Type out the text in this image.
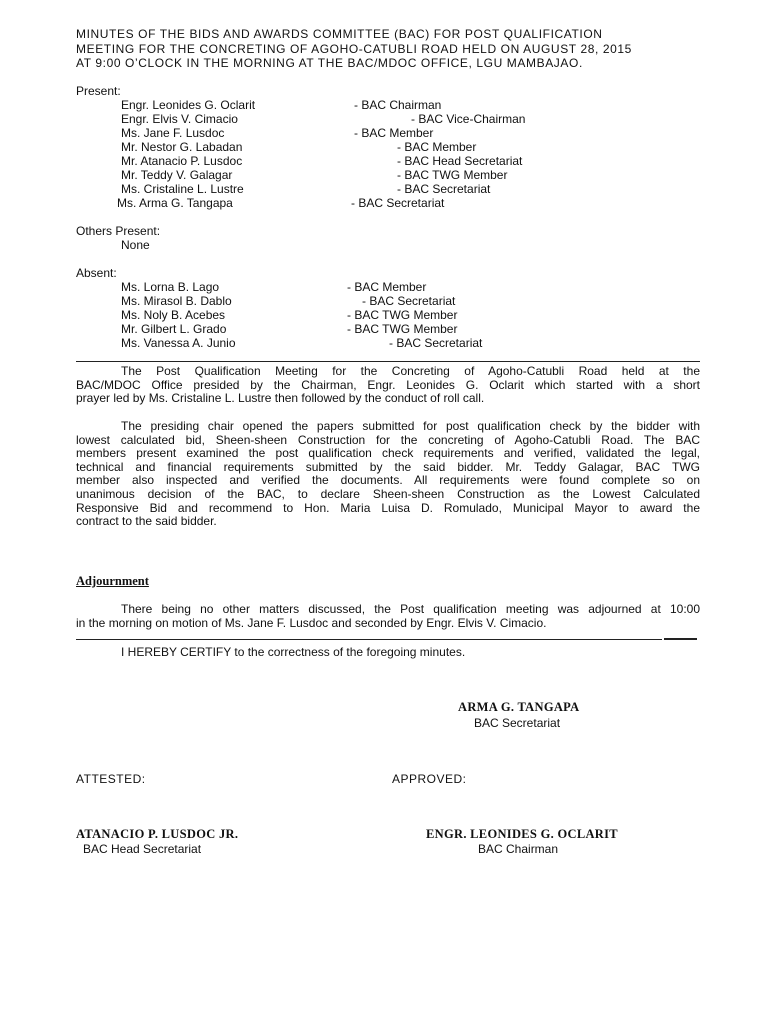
MINUTES OF THE BIDS AND AWARDS COMMITTEE (BAC) FOR POST QUALIFICATION
MEETING FOR THE CONCRETING OF AGOHO-CATUBLI ROAD HELD ON AUGUST 28, 2015
AT 9:00 O’CLOCK IN THE MORNING AT THE BAC/MDOC OFFICE, LGU MAMBAJAO.
Present:
Engr. Leonides G. Oclarit	- BAC Chairman
Engr. Elvis V. Cimacio	- BAC Vice-Chairman
Ms. Jane F. Lusdoc	- BAC Member
Mr. Nestor G. Labadan	- BAC Member
Mr. Atanacio P. Lusdoc	- BAC Head Secretariat
Mr. Teddy V. Galagar	- BAC TWG Member
Ms. Cristaline L. Lustre	- BAC Secretariat
Ms. Arma G. Tangapa	- BAC Secretariat
Others Present:
None
Absent:
Ms. Lorna B. Lago	- BAC Member
Ms. Mirasol B. Dablo	- BAC Secretariat
Ms. Noly B. Acebes	- BAC TWG Member
Mr. Gilbert L. Grado	- BAC TWG Member
Ms. Vanessa A. Junio	- BAC Secretariat
The Post Qualification Meeting for the Concreting of Agoho-Catubli Road held at the
BAC/MDOC Office presided by the Chairman, Engr. Leonides G. Oclarit which started with a short
prayer led by Ms. Cristaline L. Lustre then followed by the conduct of roll call.
The presiding chair opened the papers submitted for post qualification check by the bidder with
lowest calculated bid, Sheen-sheen Construction for the concreting of Agoho-Catubli Road. The BAC
members present examined the post qualification check requirements and verified, validated the legal,
technical and financial requirements submitted by the said bidder. Mr. Teddy Galagar, BAC TWG
member also inspected and verified the documents. All requirements were found complete so on
unanimous decision of the BAC, to declare Sheen-sheen Construction as the Lowest Calculated
Responsive Bid and recommend to Hon. Maria Luisa D. Romulado, Municipal Mayor to award the
contract to the said bidder.
Adjournment
There being no other matters discussed, the Post qualification meeting was adjourned at 10:00
in the morning on motion of Ms. Jane F. Lusdoc and seconded by Engr. Elvis V. Cimacio.
I HEREBY CERTIFY to the correctness of the foregoing minutes.
ARMA G. TANGAPA
BAC Secretariat
ATTESTED:	APPROVED:
ATANACIO P. LUSDOC JR.
BAC Head Secretariat
ENGR. LEONIDES G. OCLARIT
BAC Chairman
